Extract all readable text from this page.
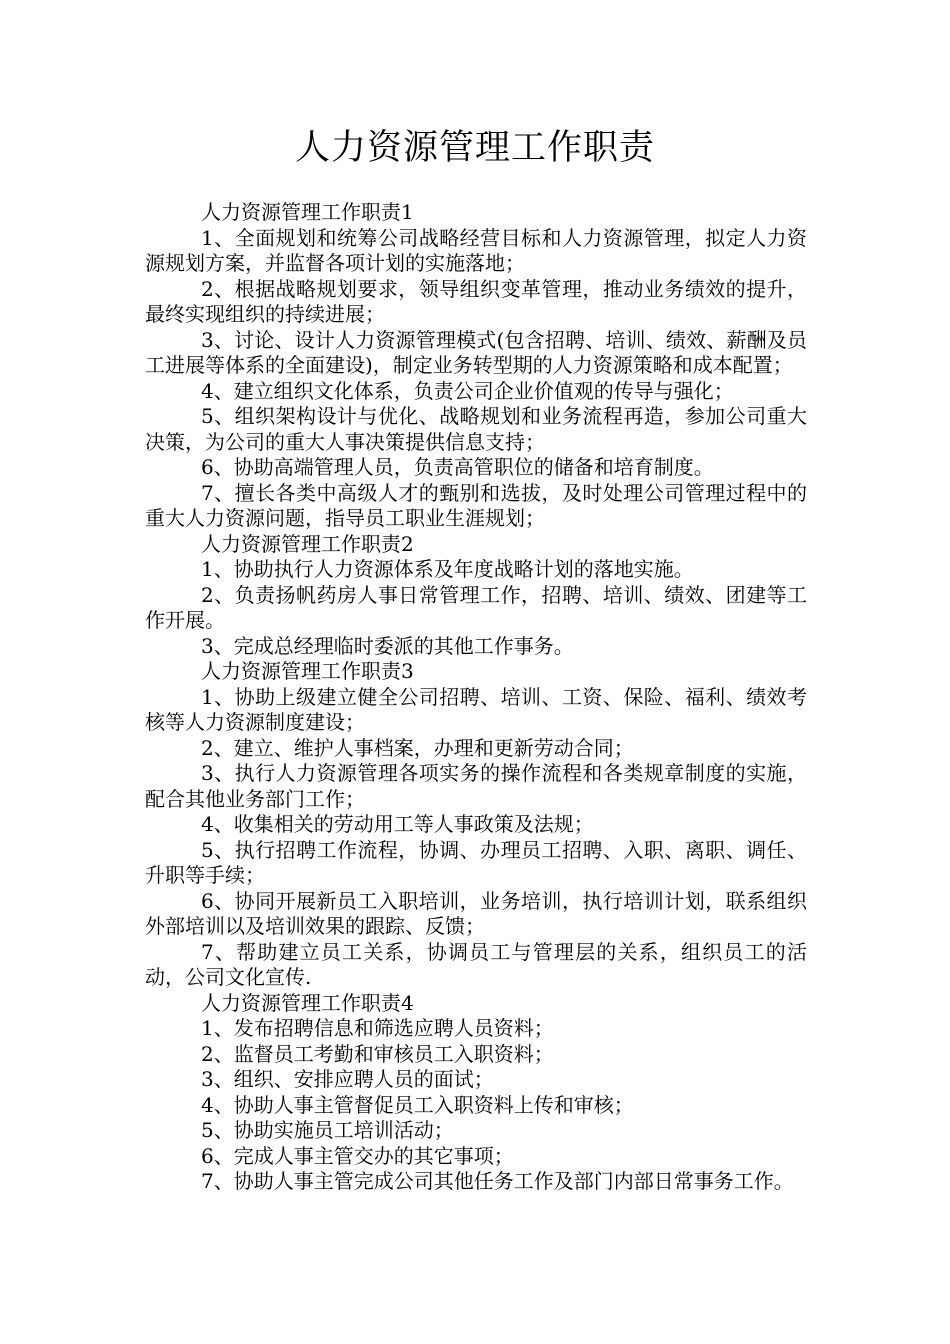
人力资源管理工作职责

人力资源管理工作职责1

1、全面规划和统筹公司战略经营目标和人力资源管理，拟定人力资源规划方案，并监督各项计划的实施落地；

2、根据战略规划要求，领导组织变革管理，推动业务绩效的提升，最终实现组织的持续进展；

3、讨论、设计人力资源管理模式(包含招聘、培训、绩效、薪酬及员工进展等体系的全面建设)，制定业务转型期的人力资源策略和成本配置；

4、建立组织文化体系，负责公司企业价值观的传导与强化；

5、组织架构设计与优化、战略规划和业务流程再造，参加公司重大决策，为公司的重大人事决策提供信息支持；

6、协助高端管理人员，负责高管职位的储备和培育制度。

7、擅长各类中高级人才的甄别和选拔，及时处理公司管理过程中的重大人力资源问题，指导员工职业生涯规划；

人力资源管理工作职责2

1、协助执行人力资源体系及年度战略计划的落地实施。

2、负责扬帆药房人事日常管理工作，招聘、培训、绩效、团建等工作开展。

3、完成总经理临时委派的其他工作事务。

人力资源管理工作职责3

1、协助上级建立健全公司招聘、培训、工资、保险、福利、绩效考核等人力资源制度建设；

2、建立、维护人事档案，办理和更新劳动合同；

3、执行人力资源管理各项实务的操作流程和各类规章制度的实施，配合其他业务部门工作；

4、收集相关的劳动用工等人事政策及法规；

5、执行招聘工作流程，协调、办理员工招聘、入职、离职、调任、升职等手续；

6、协同开展新员工入职培训，业务培训，执行培训计划，联系组织外部培训以及培训效果的跟踪、反馈；

7、帮助建立员工关系，协调员工与管理层的关系，组织员工的活动，公司文化宣传.

人力资源管理工作职责4

1、发布招聘信息和筛选应聘人员资料；

2、监督员工考勤和审核员工入职资料；

3、组织、安排应聘人员的面试；

4、协助人事主管督促员工入职资料上传和审核；

5、协助实施员工培训活动；

6、完成人事主管交办的其它事项；

7、协助人事主管完成公司其他任务工作及部门内部日常事务工作。
